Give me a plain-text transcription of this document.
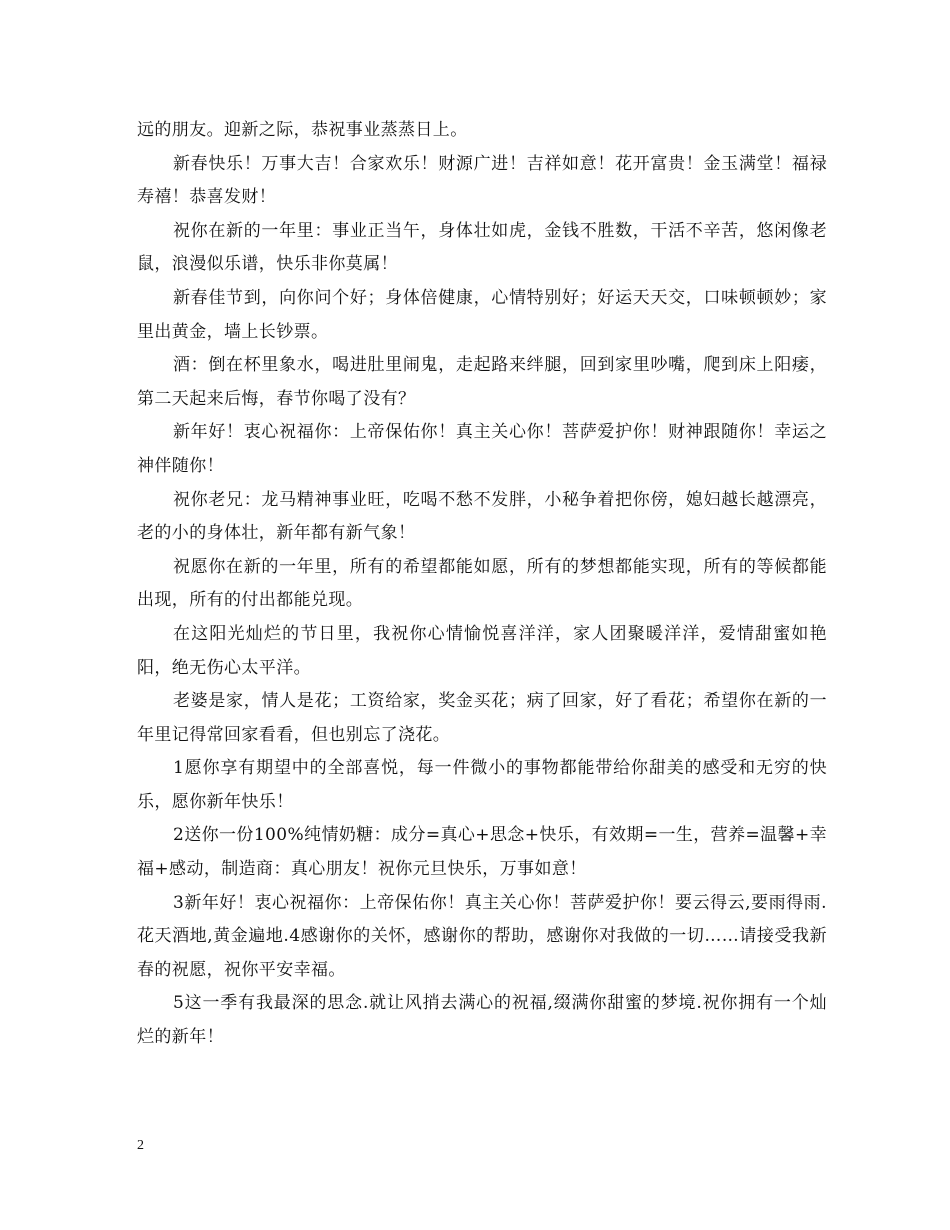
远的朋友。迎新之际，恭祝事业蒸蒸日上。

新春快乐！万事大吉！合家欢乐！财源广进！吉祥如意！花开富贵！金玉满堂！福禄寿禧！恭喜发财！

祝你在新的一年里：事业正当午，身体壮如虎，金钱不胜数，干活不辛苦，悠闲像老鼠，浪漫似乐谱，快乐非你莫属！

新春佳节到，向你问个好；身体倍健康，心情特别好；好运天天交，口味顿顿妙；家里出黄金，墙上长钞票。

酒：倒在杯里象水，喝进肚里闹鬼，走起路来绊腿，回到家里吵嘴，爬到床上阳痿，第二天起来后悔，春节你喝了没有？

新年好！衷心祝福你：上帝保佑你！真主关心你！菩萨爱护你！财神跟随你！幸运之神伴随你！

祝你老兄：龙马精神事业旺，吃喝不愁不发胖，小秘争着把你傍，媳妇越长越漂亮，老的小的身体壮，新年都有新气象！

祝愿你在新的一年里，所有的希望都能如愿，所有的梦想都能实现，所有的等候都能出现，所有的付出都能兑现。

在这阳光灿烂的节日里，我祝你心情愉悦喜洋洋，家人团聚暖洋洋，爱情甜蜜如艳阳，绝无伤心太平洋。

老婆是家，情人是花；工资给家，奖金买花；病了回家，好了看花；希望你在新的一年里记得常回家看看，但也别忘了浇花。

1愿你享有期望中的全部喜悦，每一件微小的事物都能带给你甜美的感受和无穷的快乐，愿你新年快乐！

2送你一份100%纯情奶糖：成分=真心+思念+快乐，有效期=一生，营养=温馨+幸福+感动，制造商：真心朋友！祝你元旦快乐，万事如意！

3新年好！衷心祝福你：上帝保佑你！真主关心你！菩萨爱护你！要云得云,要雨得雨.花天酒地,黄金遍地.4感谢你的关怀，感谢你的帮助，感谢你对我做的一切……请接受我新春的祝愿，祝你平安幸福。

5这一季有我最深的思念.就让风捎去满心的祝福,缀满你甜蜜的梦境.祝你拥有一个灿烂的新年！

2
